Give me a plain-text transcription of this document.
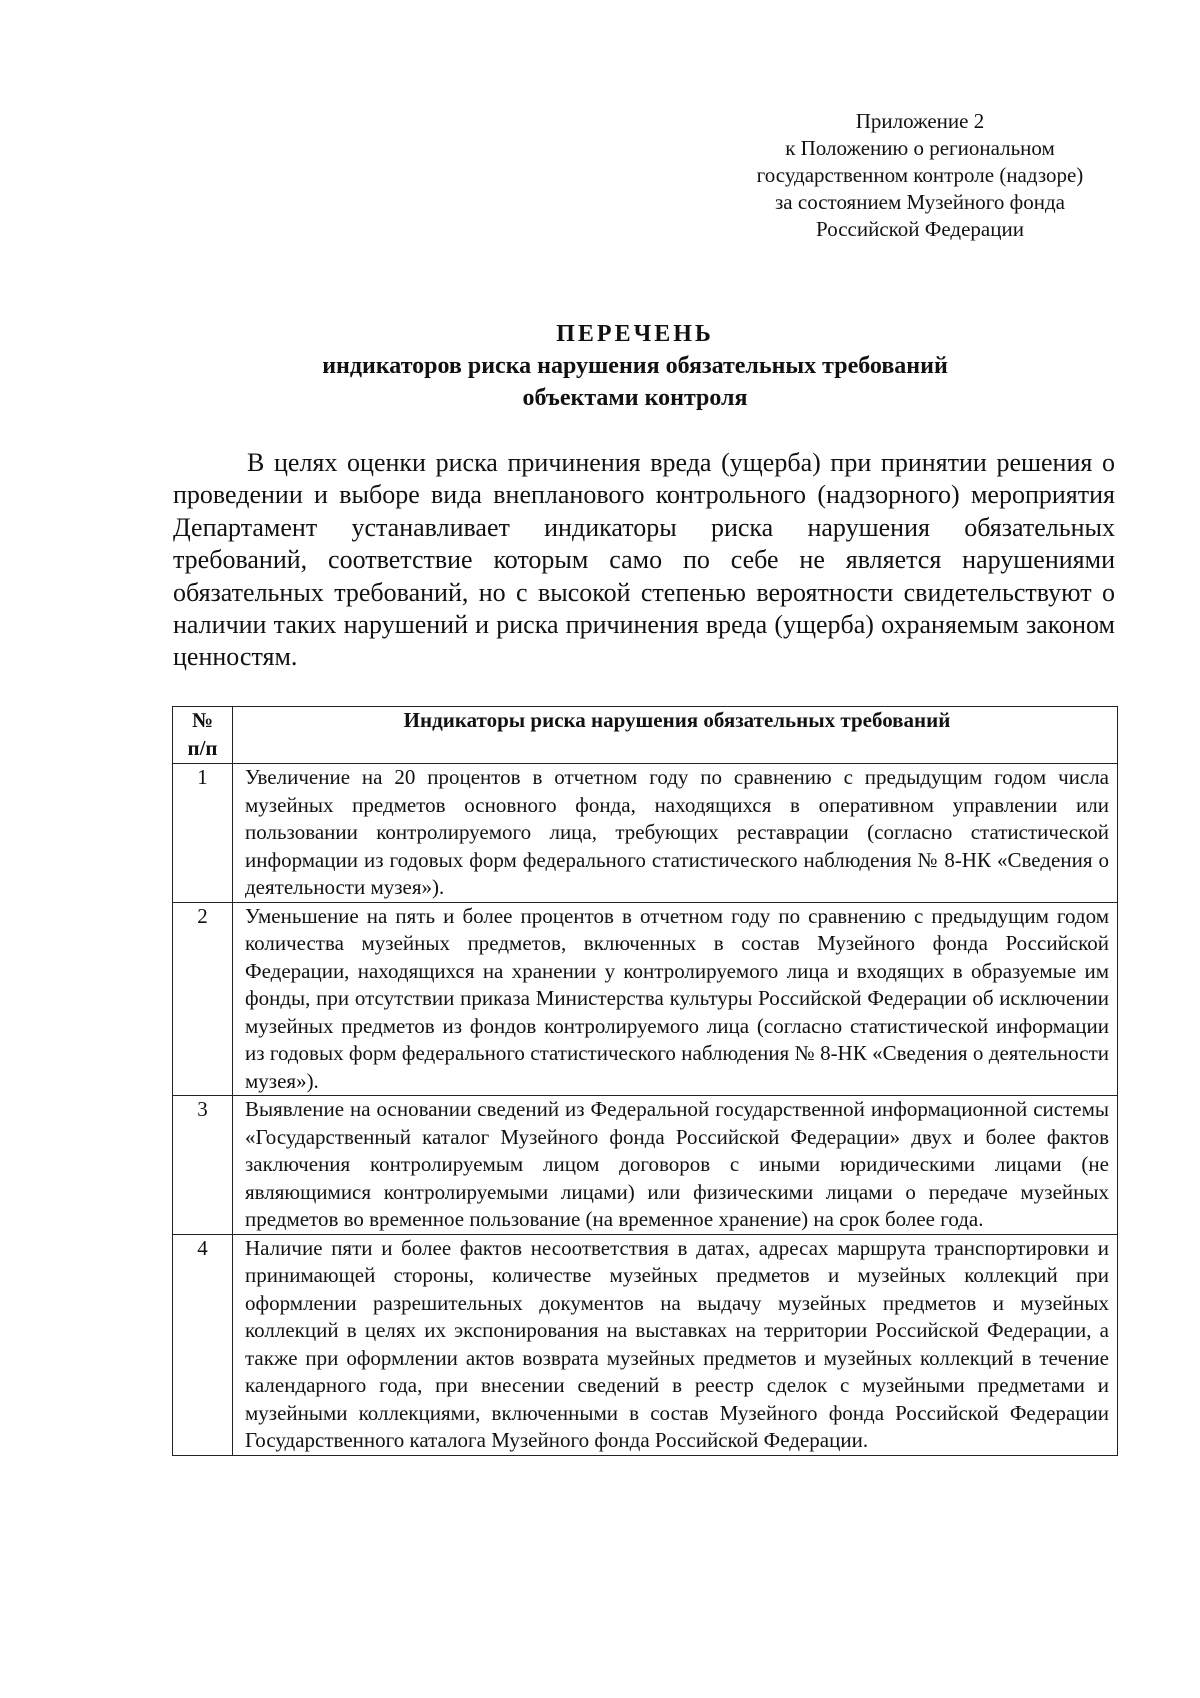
Приложение 2
к Положению о региональном
государственном контроле (надзоре)
за состоянием Музейного фонда
Российской Федерации
ПЕРЕЧЕНЬ
индикаторов риска нарушения обязательных требований
объектами контроля

В целях оценки риска причинения вреда (ущерба) при принятии решения о проведении и выборе вида внепланового контрольного (надзорного) мероприятия Департамент устанавливает индикаторы риска нарушения обязательных требований, соответствие которым само по себе не является нарушениями обязательных требований, но с высокой степенью вероятности свидетельствуют о наличии таких нарушений и риска причинения вреда (ущерба) охраняемым законом ценностям.

№
п/п	Индикаторы риска нарушения обязательных требований
1	Увеличение на 20 процентов в отчетном году по сравнению с предыдущим годом числа музейных предметов основного фонда, находящихся в оперативном управлении или пользовании контролируемого лица, требующих реставрации (согласно статистической информации из годовых форм федерального статистического наблюдения № 8-НК «Сведения о деятельности музея»).
2	Уменьшение на пять и более процентов в отчетном году по сравнению с предыдущим годом количества музейных предметов, включенных в состав Музейного фонда Российской Федерации, находящихся на хранении у контролируемого лица и входящих в образуемые им фонды, при отсутствии приказа Министерства культуры Российской Федерации об исключении музейных предметов из фондов контролируемого лица (согласно статистической информации из годовых форм федерального статистического наблюдения № 8-НК «Сведения о деятельности музея»).
3	Выявление на основании сведений из Федеральной государственной информационной системы «Государственный каталог Музейного фонда Российской Федерации» двух и более фактов заключения контролируемым лицом договоров с иными юридическими лицами (не являющимися контролируемыми лицами) или физическими лицами о передаче музейных предметов во временное пользование (на временное хранение) на срок более года.
4	Наличие пяти и более фактов несоответствия в датах, адресах маршрута транспортировки и принимающей стороны, количестве музейных предметов и музейных коллекций при оформлении разрешительных документов на выдачу музейных предметов и музейных коллекций в целях их экспонирования на выставках на территории Российской Федерации, а также при оформлении актов возврата музейных предметов и музейных коллекций в течение календарного года, при внесении сведений в реестр сделок с музейными предметами и музейными коллекциями, включенными в состав Музейного фонда Российской Федерации Государственного каталога Музейного фонда Российской Федерации.
